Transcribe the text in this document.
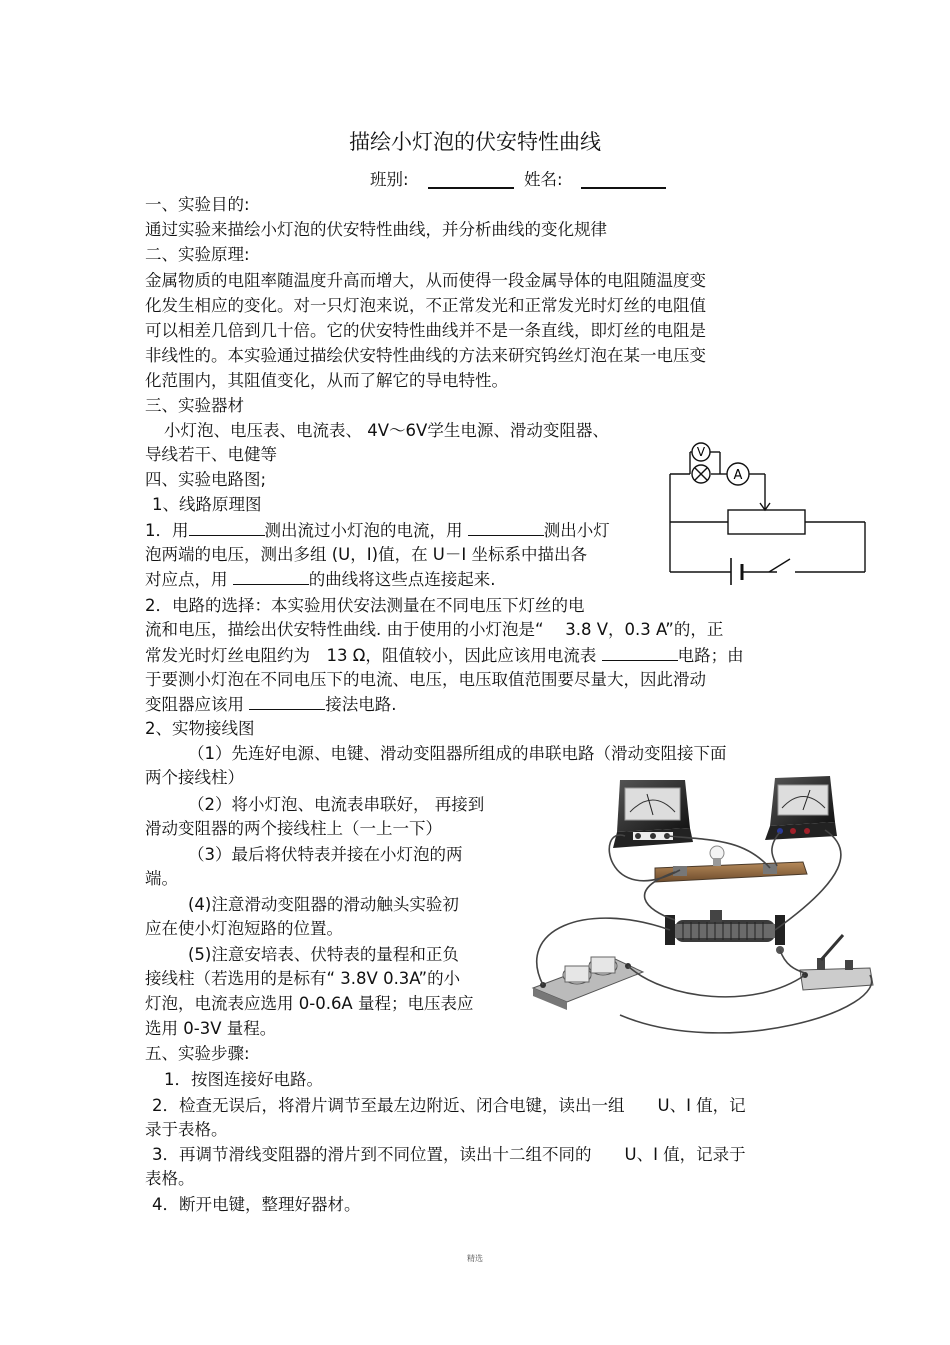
描绘小灯泡的伏安特性曲线
班别:	姓名:
一、实验目的:
通过实验来描绘小灯泡的伏安特性曲线，并分析曲线的变化规律
二、实验原理:
金属物质的电阻率随温度升高而增大，从而使得一段金属导体的电阻随温度变
化发生相应的变化。对一只灯泡来说，不正常发光和正常发光时灯丝的电阻值
可以相差几倍到几十倍。它的伏安特性曲线并不是一条直线，即灯丝的电阻是
非线性的。本实验通过描绘伏安特性曲线的方法来研究钨丝灯泡在某一电压变
化范围内，其阻值变化，从而了解它的导电特性。
三、实验器材
小灯泡、电压表、电流表、 4V～6V学生电源、滑动变阻器、
导线若干、电健等
四、实验电路图;
1、线路原理图
1．用	测出流过小灯泡的电流，用	测出小灯
泡两端的电压，测出多组 (U，I)值，在 U－I 坐标系中描出各
对应点，用	的曲线将这些点连接起来.
2．电路的选择：本实验用伏安法测量在不同电压下灯丝的电
流和电压，描绘出伏安特性曲线. 由于使用的小灯泡是“　 3.8 V，0.3 A”的，正
常发光时灯丝电阻约为　13 Ω，阻值较小，因此应该用电流表	电路；由
于要测小灯泡在不同电压下的电流、电压，电压取值范围要尽量大，因此滑动
变阻器应该用	接法电路.
2、实物接线图
（1）先连好电源、电键、滑动变阻器所组成的串联电路（滑动变阻接下面
两个接线柱）
（2）将小灯泡、电流表串联好， 再接到
滑动变阻器的两个接线柱上（一上一下）
（3）最后将伏特表并接在小灯泡的两
端。
(4)注意滑动变阻器的滑动触头实验初
应在使小灯泡短路的位置。
(5)注意安培表、伏特表的量程和正负
接线柱（若选用的是标有“ 3.8V 0.3A”的小
灯泡，电流表应选用 0-0.6A 量程；电压表应
选用 0-3V 量程。
五、实验步骤:
1．按图连接好电路。
2．检查无误后，将滑片调节至最左边附近、闭合电键，读出一组　　U、I 值，记
录于表格。
3．再调节滑线变阻器的滑片到不同位置，读出十二组不同的　　U、I 值，记录于
表格。
4．断开电键，整理好器材。
V
A
精选
